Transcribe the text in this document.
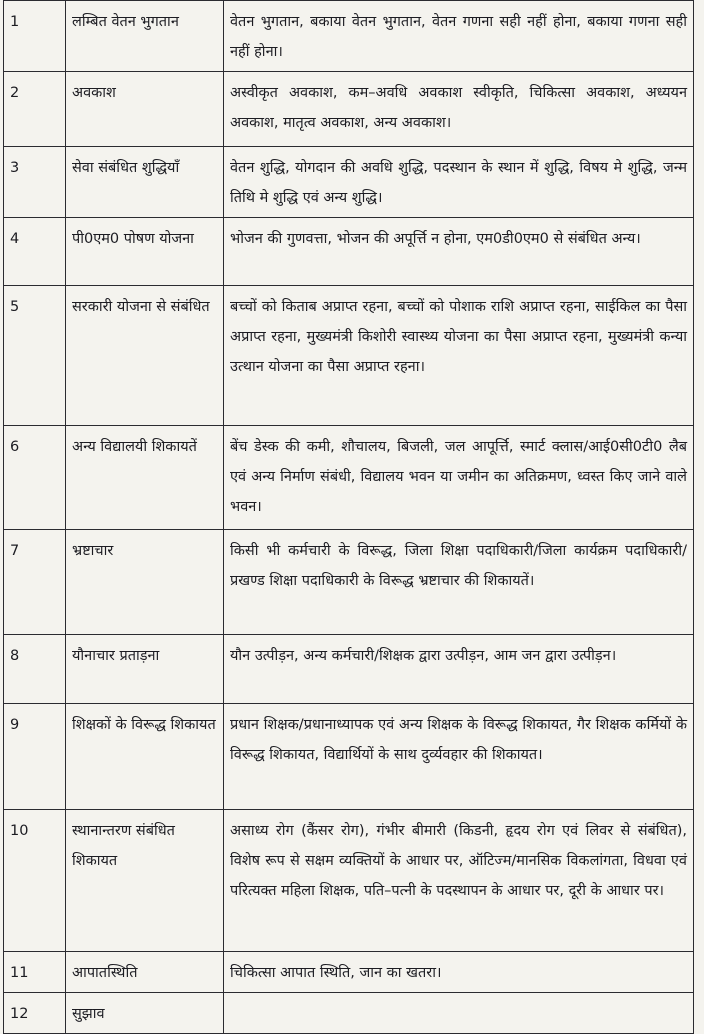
1	लम्बित वेतन भुगतान	वेतन भुगतान, बकाया वेतन भुगतान, वेतन गणना सही नहीं होना, बकाया गणना सही नहीं होना।
2	अवकाश	अस्वीकृत अवकाश, कम–अवधि अवकाश स्वीकृति, चिकित्सा अवकाश, अध्ययन अवकाश, मातृत्व अवकाश, अन्य अवकाश।
3	सेवा संबंधित शुद्धियाँ	वेतन शुद्धि, योगदान की अवधि शुद्धि, पदस्थान के स्थान में शुद्धि, विषय मे शुद्धि, जन्म तिथि मे शुद्धि एवं अन्य शुद्धि।
4	पी0एम0 पोषण योजना	भोजन की गुणवत्ता, भोजन की अपूर्त्ति न होना, एम0डी0एम0 से संबंधित अन्य।
5	सरकारी योजना से संबंधित	बच्चों को किताब अप्राप्त रहना, बच्चों को पोशाक राशि अप्राप्त रहना, साईकिल का पैसा अप्राप्त रहना, मुख्यमंत्री किशोरी स्वास्थ्य योजना का पैसा अप्राप्त रहना, मुख्यमंत्री कन्या उत्थान योजना का पैसा अप्राप्त रहना।
6	अन्य विद्यालयी शिकायतें	बेंच डेस्क की कमी, शौचालय, बिजली, जल आपूर्त्ति, स्मार्ट क्लास/आई0सी0टी0 लैब एवं अन्य निर्माण संबंधी, विद्यालय भवन या जमीन का अतिक्रमण, ध्वस्त किए जाने वाले भवन।
7	भ्रष्टाचार	किसी भी कर्मचारी के विरूद्ध, जिला शिक्षा पदाधिकारी/जिला कार्यक्रम पदाधिकारी/प्रखण्ड शिक्षा पदाधिकारी के विरूद्ध भ्रष्टाचार की शिकायतें।
8	यौनाचार प्रताड़ना	यौन उत्पीड़न, अन्य कर्मचारी/शिक्षक द्वारा उत्पीड़न, आम जन द्वारा उत्पीड़न।
9	शिक्षकों के विरूद्ध शिकायत	प्रधान शिक्षक/प्रधानाध्यापक एवं अन्य शिक्षक के विरूद्ध शिकायत, गैर शिक्षक कर्मियों के विरूद्ध शिकायत, विद्यार्थियों के साथ दुर्व्यवहार की शिकायत।
10	स्थानान्तरण संबंधित शिकायत	असाध्य रोग (कैंसर रोग), गंभीर बीमारी (किडनी, हृदय रोग एवं लिवर से संबंधित), विशेष रूप से सक्षम व्यक्तियों के आधार पर, ऑटिज्म/मानसिक विकलांगता, विधवा एवं परित्यक्त महिला शिक्षक, पति–पत्नी के पदस्थापन के आधार पर, दूरी के आधार पर।
11	आपातस्थिति	चिकित्सा आपात स्थिति, जान का खतरा।
12	सुझाव	
